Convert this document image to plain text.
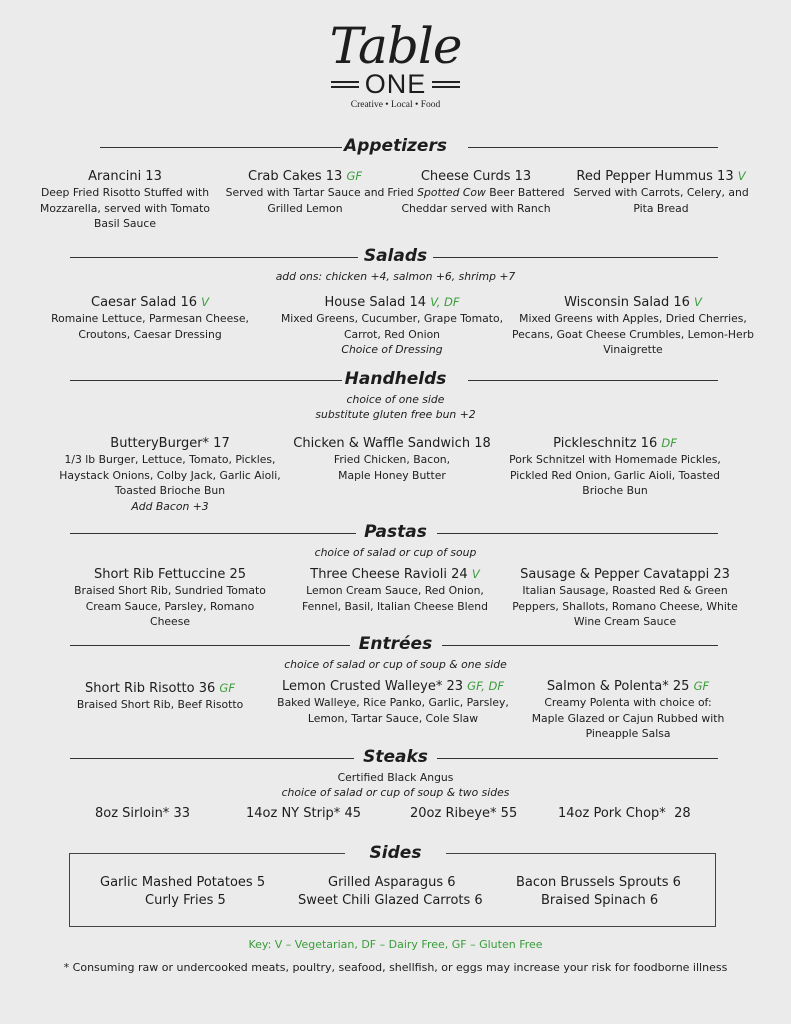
Table
ONE
Creative • Local • Food
Appetizers
Arancini 13
Deep Fried Risotto Stuffed with Mozzarella, served with Tomato Basil Sauce
Crab Cakes 13 GF
Served with Tartar Sauce and Grilled Lemon
Cheese Curds 13
Fried Spotted Cow Beer Battered Cheddar served with Ranch
Red Pepper Hummus 13 V
Served with Carrots, Celery, and Pita Bread
Salads
add ons: chicken +4, salmon +6, shrimp +7
Caesar Salad 16 V
Romaine Lettuce, Parmesan Cheese, Croutons, Caesar Dressing
House Salad 14 V, DF
Mixed Greens, Cucumber, Grape Tomato, Carrot, Red Onion
Choice of Dressing
Wisconsin Salad 16 V
Mixed Greens with Apples, Dried Cherries, Pecans, Goat Cheese Crumbles, Lemon-Herb Vinaigrette
Handhelds
choice of one side
substitute gluten free bun +2
ButteryBurger* 17
1/3 lb Burger, Lettuce, Tomato, Pickles, Haystack Onions, Colby Jack, Garlic Aioli, Toasted Brioche Bun
Add Bacon +3
Chicken & Waffle Sandwich 18
Fried Chicken, Bacon, Maple Honey Butter
Pickleschnitz 16 DF
Pork Schnitzel with Homemade Pickles, Pickled Red Onion, Garlic Aioli, Toasted Brioche Bun
Pastas
choice of salad or cup of soup
Short Rib Fettuccine 25
Braised Short Rib, Sundried Tomato Cream Sauce, Parsley, Romano Cheese
Three Cheese Ravioli 24 V
Lemon Cream Sauce, Red Onion, Fennel, Basil, Italian Cheese Blend
Sausage & Pepper Cavatappi 23
Italian Sausage, Roasted Red & Green Peppers, Shallots, Romano Cheese, White Wine Cream Sauce
Entrées
choice of salad or cup of soup & one side
Short Rib Risotto 36 GF
Braised Short Rib, Beef Risotto
Lemon Crusted Walleye* 23 GF, DF
Baked Walleye, Rice Panko, Garlic, Parsley, Lemon, Tartar Sauce, Cole Slaw
Salmon & Polenta* 25 GF
Creamy Polenta with choice of: Maple Glazed or Cajun Rubbed with Pineapple Salsa
Steaks
Certified Black Angus
choice of salad or cup of soup & two sides
8oz Sirloin* 33	14oz NY Strip* 45	20oz Ribeye* 55	14oz Pork Chop*  28
Sides
Garlic Mashed Potatoes 5	Grilled Asparagus 6	Bacon Brussels Sprouts 6
Curly Fries 5	Sweet Chili Glazed Carrots 6	Braised Spinach 6
Key: V – Vegetarian, DF – Dairy Free, GF – Gluten Free
* Consuming raw or undercooked meats, poultry, seafood, shellfish, or eggs may increase your risk for foodborne illness
